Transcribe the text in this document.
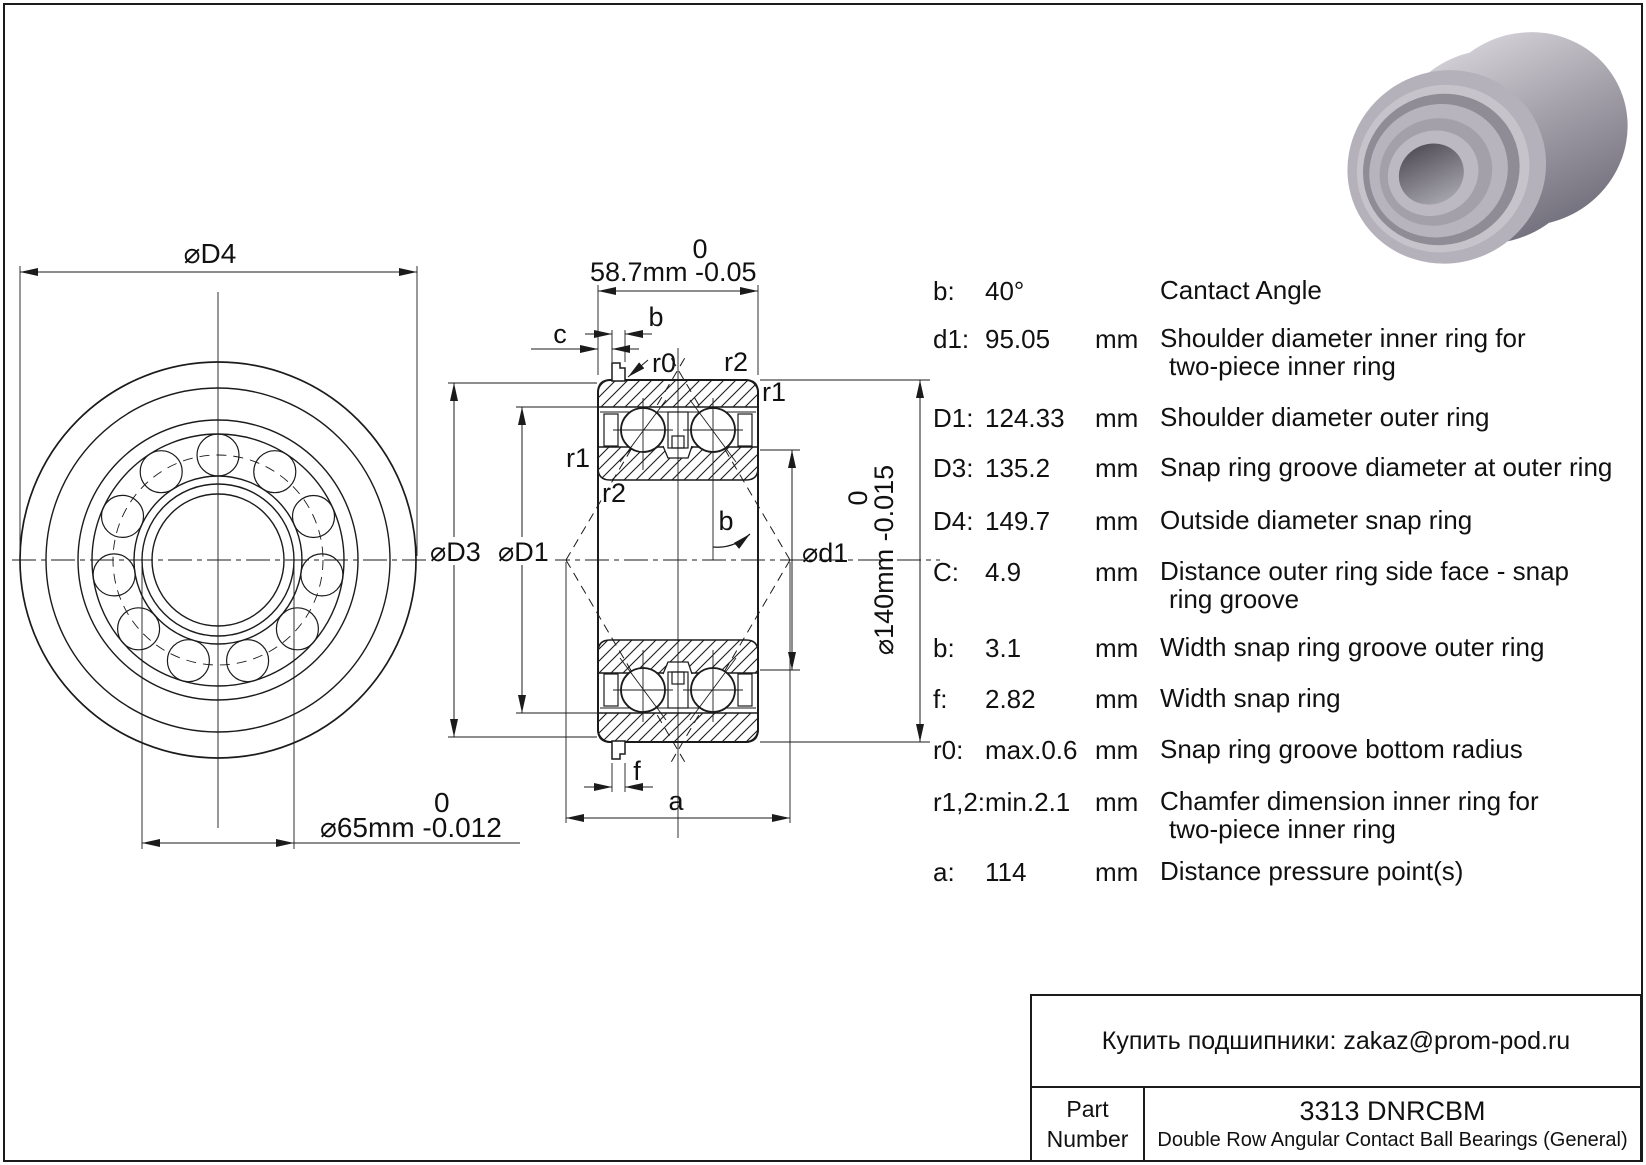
⌀D4
0
⌀65mm -0.012
0
58.7mm -0.05
b
c
r0 r2
r1
r1
r2
⌀D3 ⌀D1	⌀d1
b
f
a
⌀140mm -0.015
0
b: 40°	Cantact Angle
d1: 95.05 mm Shoulder diameter inner ring for
two-piece inner ring
D1: 124.33 mm Shoulder diameter outer ring
D3: 135.2 mm Snap ring groove diameter at outer ring
D4: 149.7 mm Outside diameter snap ring
C: 4.9	mm Distance outer ring side face - snap
ring groove
b: 3.1	mm Width snap ring groove outer ring
f: 2.82 mm Width snap ring
r0: max.0.6 mm Snap ring groove bottom radius
r1,2: min.2.1 mm Chamfer dimension inner ring for
two-piece inner ring
a: 114	mm Distance pressure point(s)
Купить подшипники: zakaz@prom-pod.ru
Part
Number
3313 DNRCBM
Double Row Angular Contact Ball Bearings (General)
